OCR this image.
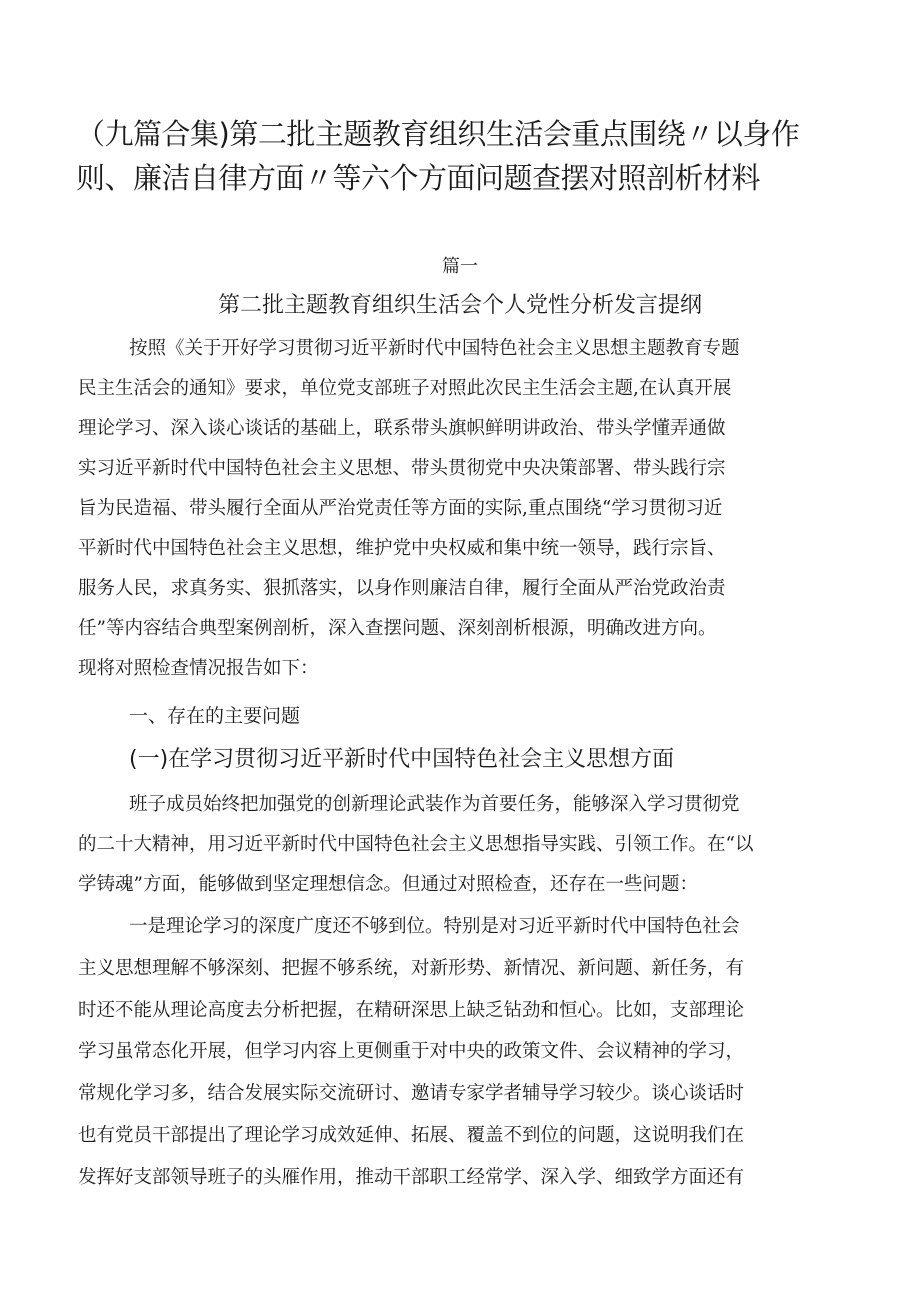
（九篇合集)第二批主题教育组织生活会重点围绕〃以身作
则、廉洁自律方面〃等六个方面问题查摆对照剖析材料
篇一
第二批主题教育组织生活会个人党性分析发言提纲
按照《关于开好学习贯彻习近平新时代中国特色社会主义思想主题教育专题
民主生活会的通知》要求，单位党支部班子对照此次民主生活会主题,在认真开展
理论学习、深入谈心谈话的基础上，联系带头旗帜鲜明讲政治、带头学懂弄通做
实习近平新时代中国特色社会主义思想、带头贯彻党中央决策部署、带头践行宗
旨为民造福、带头履行全面从严治党责任等方面的实际,重点围绕“学习贯彻习近
平新时代中国特色社会主义思想，维护党中央权威和集中统一领导，践行宗旨、
服务人民，求真务实、狠抓落实，以身作则廉洁自律，履行全面从严治党政治责
任”等内容结合典型案例剖析，深入查摆问题、深刻剖析根源，明确改进方向。
现将对照检查情况报告如下：
一、存在的主要问题
(一)在学习贯彻习近平新时代中国特色社会主义思想方面
班子成员始终把加强党的创新理论武装作为首要任务，能够深入学习贯彻党
的二十大精神，用习近平新时代中国特色社会主义思想指导实践、引领工作。在“以
学铸魂”方面，能够做到坚定理想信念。但通过对照检查，还存在一些问题：
一是理论学习的深度广度还不够到位。特别是对习近平新时代中国特色社会
主义思想理解不够深刻、把握不够系统，对新形势、新情况、新问题、新任务，有
时还不能从理论高度去分析把握，在精研深思上缺乏钻劲和恒心。比如，支部理论
学习虽常态化开展，但学习内容上更侧重于对中央的政策文件、会议精神的学习，
常规化学习多，结合发展实际交流研讨、邀请专家学者辅导学习较少。谈心谈话时
也有党员干部提出了理论学习成效延伸、拓展、覆盖不到位的问题，这说明我们在
发挥好支部领导班子的头雁作用，推动干部职工经常学、深入学、细致学方面还有
